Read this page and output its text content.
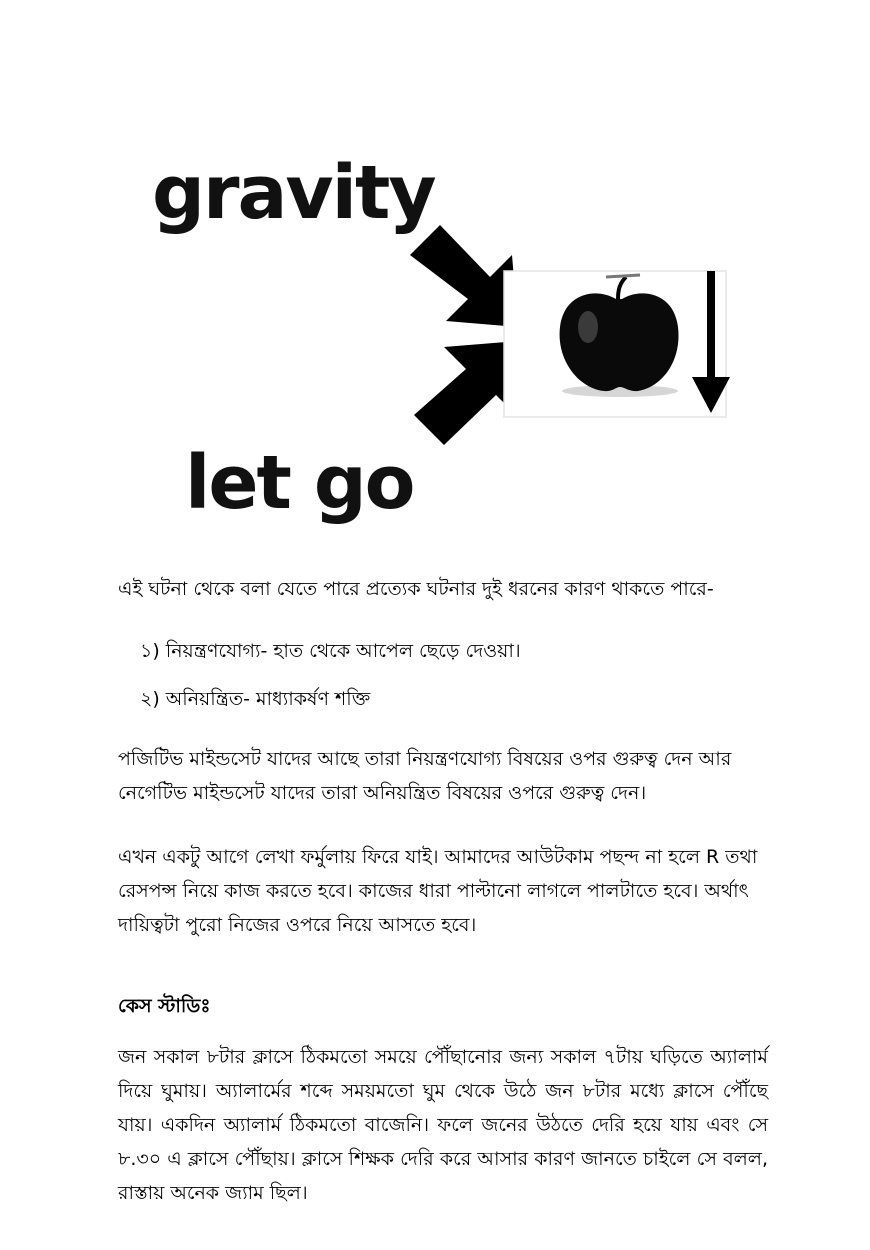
gravity
let go
এই ঘটনা থেকে বলা যেতে পারে প্রত্যেক ঘটনার দুই ধরনের কারণ থাকতে পারে-
১) নিয়ন্ত্রণযোগ্য- হাত থেকে আপেল ছেড়ে দেওয়া।
২) অনিয়ন্ত্রিত- মাধ্যাকর্ষণ শক্তি
পজিটিভ মাইন্ডসেট যাদের আছে তারা নিয়ন্ত্রণযোগ্য বিষয়ের ওপর গুরুত্ব দেন আর নেগেটিভ মাইন্ডসেট যাদের তারা অনিয়ন্ত্রিত বিষয়ের ওপরে গুরুত্ব দেন।
এখন একটু আগে লেখা ফর্মুলায় ফিরে যাই। আমাদের আউটকাম পছন্দ না হলে R তথা রেসপন্স নিয়ে কাজ করতে হবে। কাজের ধারা পাল্টানো লাগলে পালটাতে হবে। অর্থাৎ দায়িত্বটা পুরো নিজের ওপরে নিয়ে আসতে হবে।
কেস স্টাডিঃ
জন সকাল ৮টার ক্লাসে ঠিকমতো সময়ে পৌঁছানোর জন্য সকাল ৭টায় ঘড়িতে অ্যালার্ম দিয়ে ঘুমায়। অ্যালার্মের শব্দে সময়মতো ঘুম থেকে উঠে জন ৮টার মধ্যে ক্লাসে পৌঁছে যায়। একদিন অ্যালার্ম ঠিকমতো বাজেনি। ফলে জনের উঠতে দেরি হয়ে যায় এবং সে ৮.৩০ এ ক্লাসে পৌঁছায়। ক্লাসে শিক্ষক দেরি করে আসার কারণ জানতে চাইলে সে বলল, রাস্তায় অনেক জ্যাম ছিল।
